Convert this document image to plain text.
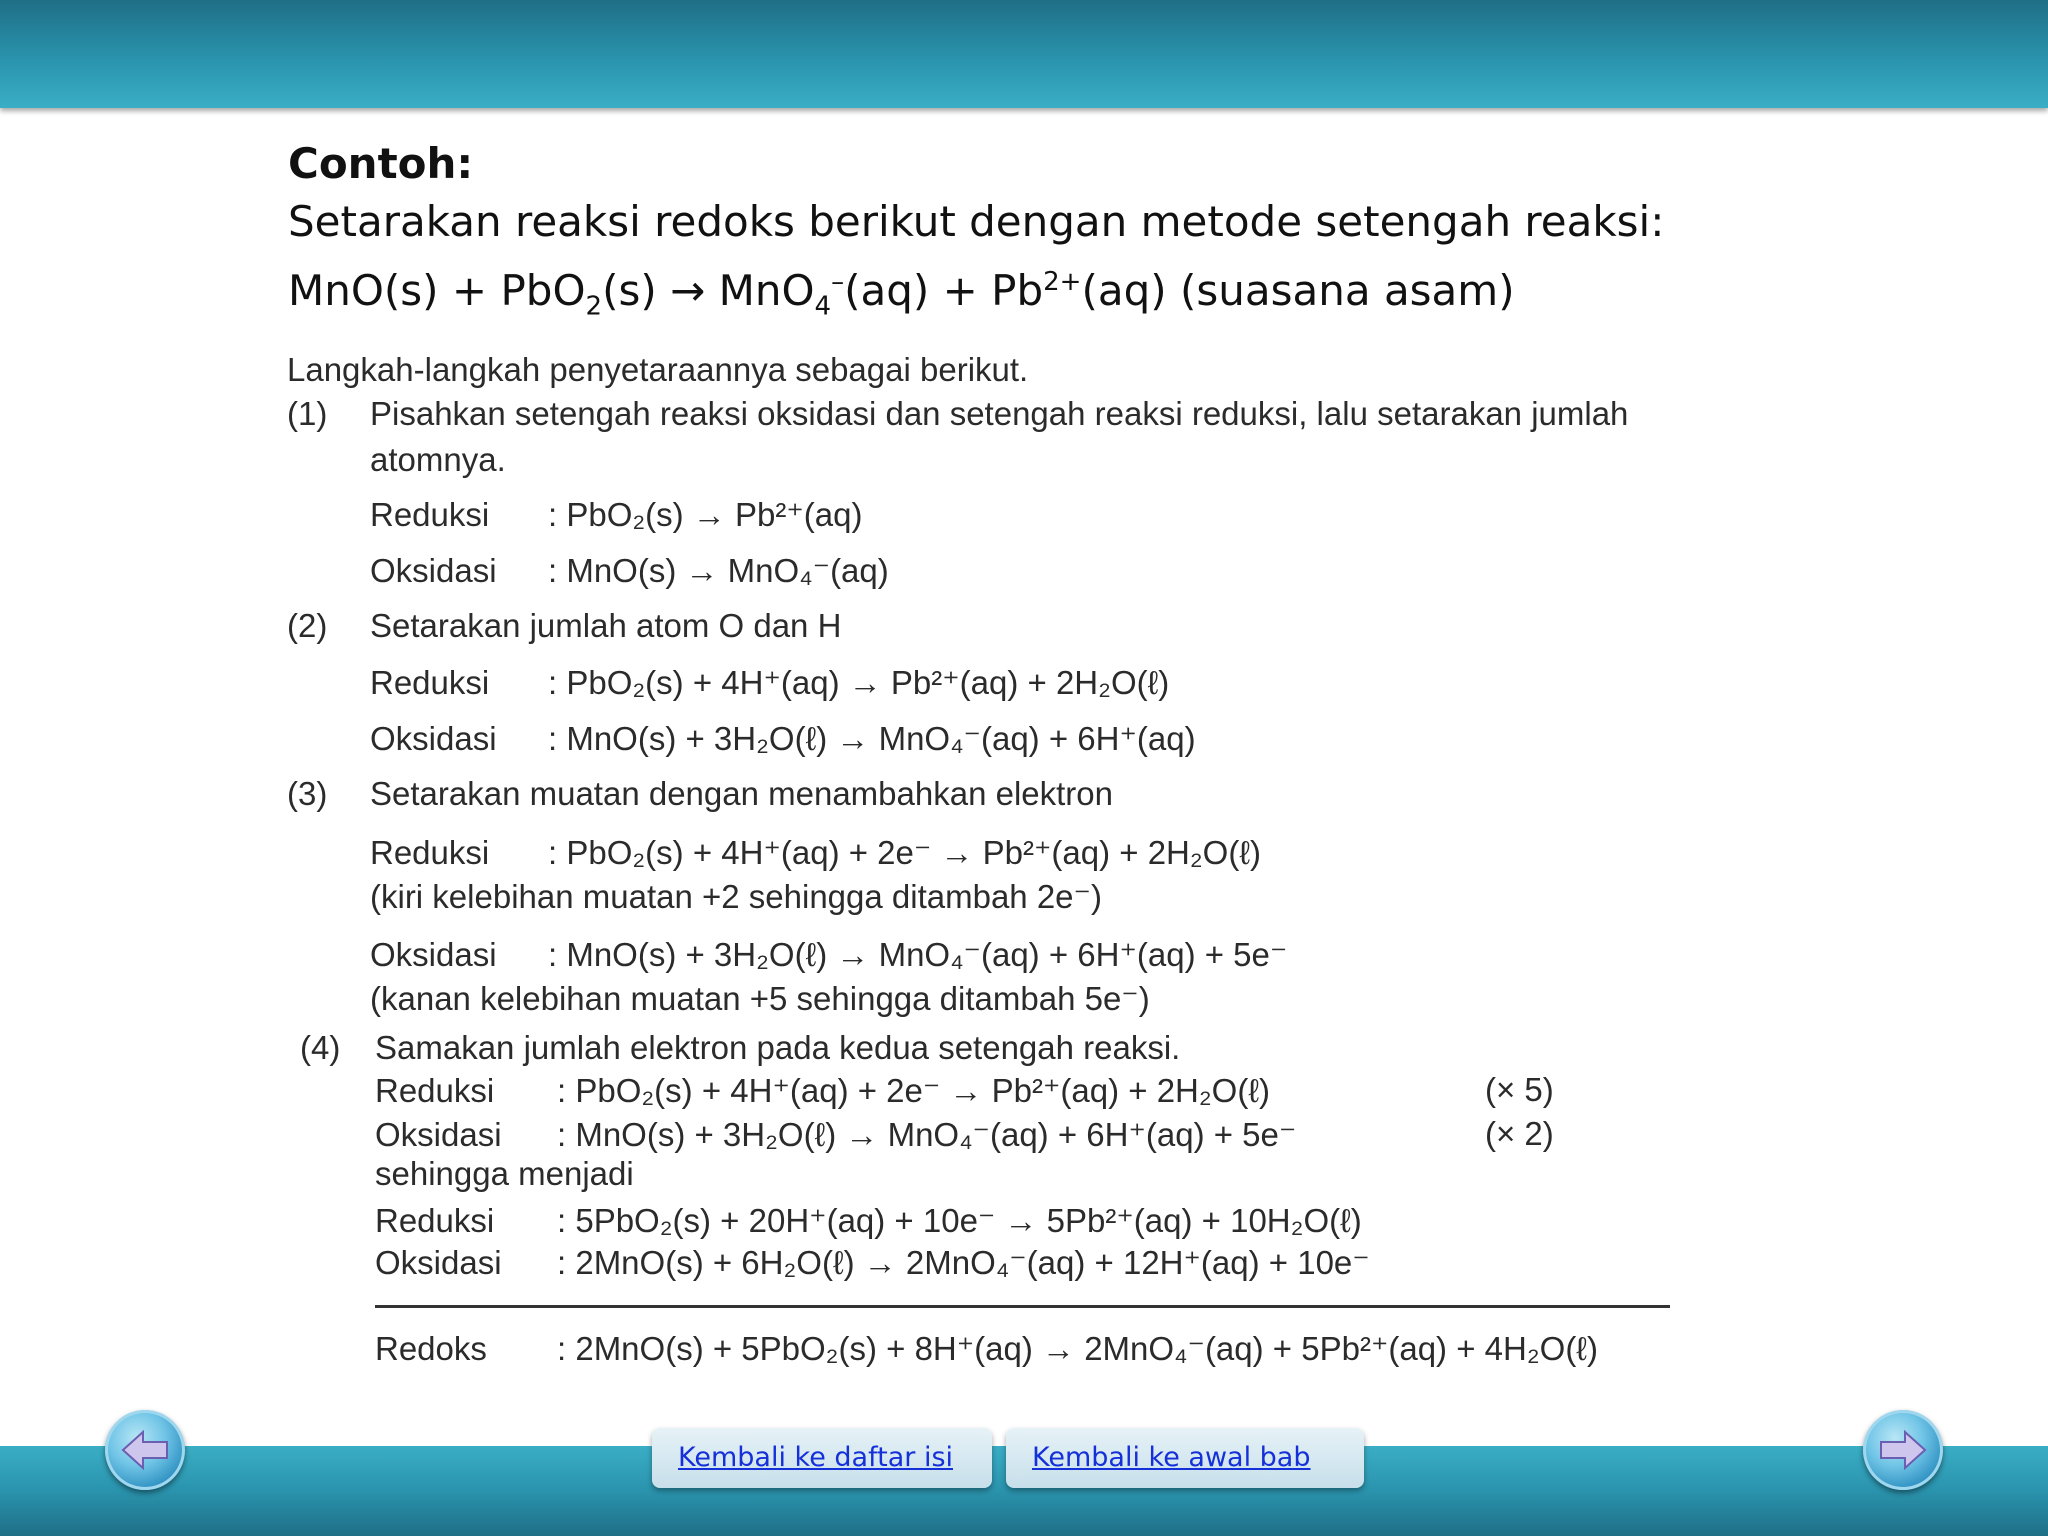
Contoh:
Setarakan reaksi redoks berikut dengan metode setengah reaksi:
$MnO(s) + PbO_2(s) \to MnO_4^-(aq) + Pb^{2+}(aq)$ (suasana asam)
Langkah-langkah penyetaraannya sebagai berikut.
(1) Pisahkan setengah reaksi oksidasi dan setengah reaksi reduksi, lalu setarakan jumlah
atomnya.
Reduksi : PbO₂(s) → Pb²⁺(aq)
Oksidasi : MnO(s) → MnO₄⁻(aq)
(2) Setarakan jumlah atom O dan H
Reduksi : PbO₂(s) + 4H⁺(aq) → Pb²⁺(aq) + 2H₂O(ℓ)
Oksidasi : MnO(s) + 3H₂O(ℓ) → MnO₄⁻(aq) + 6H⁺(aq)
(3) Setarakan muatan dengan menambahkan elektron
Reduksi : PbO₂(s) + 4H⁺(aq) + 2e⁻ → Pb²⁺(aq) + 2H₂O(ℓ)
(kiri kelebihan muatan +2 sehingga ditambah 2e⁻)
Oksidasi : MnO(s) + 3H₂O(ℓ) → MnO₄⁻(aq) + 6H⁺(aq) + 5e⁻
(kanan kelebihan muatan +5 sehingga ditambah 5e⁻)
(4) Samakan jumlah elektron pada kedua setengah reaksi.
Reduksi : PbO₂(s) + 4H⁺(aq) + 2e⁻ → Pb²⁺(aq) + 2H₂O(ℓ)	(× 5)
Oksidasi : MnO(s) + 3H₂O(ℓ) → MnO₄⁻(aq) + 6H⁺(aq) + 5e⁻	(× 2)
sehingga menjadi
Reduksi : 5PbO₂(s) + 20H⁺(aq) + 10e⁻ → 5Pb²⁺(aq) + 10H₂O(ℓ)
Oksidasi : 2MnO(s) + 6H₂O(ℓ) → 2MnO₄⁻(aq) + 12H⁺(aq) + 10e⁻
Redoks : 2MnO(s) + 5PbO₂(s) + 8H⁺(aq) → 2MnO₄⁻(aq) + 5Pb²⁺(aq) + 4H₂O(ℓ)
Kembali ke daftar isi	Kembali ke awal bab
